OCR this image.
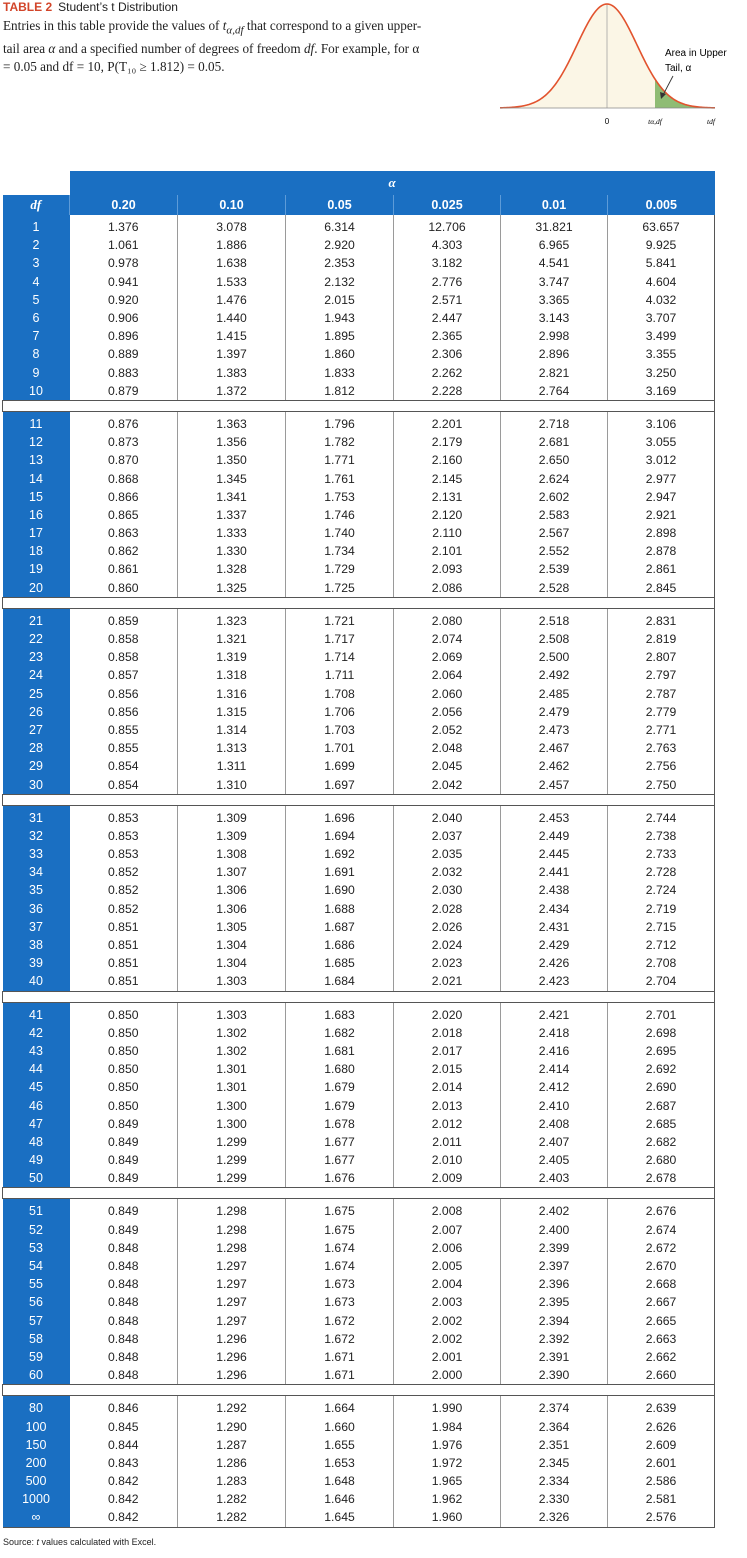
TABLE 2 Student’s t Distribution
Entries in this table provide the values of $t_{\alpha,df}$ that correspond to a given upper-tail area α and a specified number of degrees of freedom df. For example, for α = 0.05 and df = 10, P(T₁₀ ≥ 1.812) = 0.05.
0	tα,df	tdf
Area in Upper
Tail, α
	α					
df	0.20	0.10	0.05	0.025	0.01	0.005
1	1.376	3.078	6.314	12.706	31.821	63.657
2	1.061	1.886	2.920	4.303	6.965	9.925
3	0.978	1.638	2.353	3.182	4.541	5.841
4	0.941	1.533	2.132	2.776	3.747	4.604
5	0.920	1.476	2.015	2.571	3.365	4.032
6	0.906	1.440	1.943	2.447	3.143	3.707
7	0.896	1.415	1.895	2.365	2.998	3.499
8	0.889	1.397	1.860	2.306	2.896	3.355
9	0.883	1.383	1.833	2.262	2.821	3.250
10	0.879	1.372	1.812	2.228	2.764	3.169

11	0.876	1.363	1.796	2.201	2.718	3.106
12	0.873	1.356	1.782	2.179	2.681	3.055
13	0.870	1.350	1.771	2.160	2.650	3.012
14	0.868	1.345	1.761	2.145	2.624	2.977
15	0.866	1.341	1.753	2.131	2.602	2.947
16	0.865	1.337	1.746	2.120	2.583	2.921
17	0.863	1.333	1.740	2.110	2.567	2.898
18	0.862	1.330	1.734	2.101	2.552	2.878
19	0.861	1.328	1.729	2.093	2.539	2.861
20	0.860	1.325	1.725	2.086	2.528	2.845

21	0.859	1.323	1.721	2.080	2.518	2.831
22	0.858	1.321	1.717	2.074	2.508	2.819
23	0.858	1.319	1.714	2.069	2.500	2.807
24	0.857	1.318	1.711	2.064	2.492	2.797
25	0.856	1.316	1.708	2.060	2.485	2.787
26	0.856	1.315	1.706	2.056	2.479	2.779
27	0.855	1.314	1.703	2.052	2.473	2.771
28	0.855	1.313	1.701	2.048	2.467	2.763
29	0.854	1.311	1.699	2.045	2.462	2.756
30	0.854	1.310	1.697	2.042	2.457	2.750

31	0.853	1.309	1.696	2.040	2.453	2.744
32	0.853	1.309	1.694	2.037	2.449	2.738
33	0.853	1.308	1.692	2.035	2.445	2.733
34	0.852	1.307	1.691	2.032	2.441	2.728
35	0.852	1.306	1.690	2.030	2.438	2.724
36	0.852	1.306	1.688	2.028	2.434	2.719
37	0.851	1.305	1.687	2.026	2.431	2.715
38	0.851	1.304	1.686	2.024	2.429	2.712
39	0.851	1.304	1.685	2.023	2.426	2.708
40	0.851	1.303	1.684	2.021	2.423	2.704

41	0.850	1.303	1.683	2.020	2.421	2.701
42	0.850	1.302	1.682	2.018	2.418	2.698
43	0.850	1.302	1.681	2.017	2.416	2.695
44	0.850	1.301	1.680	2.015	2.414	2.692
45	0.850	1.301	1.679	2.014	2.412	2.690
46	0.850	1.300	1.679	2.013	2.410	2.687
47	0.849	1.300	1.678	2.012	2.408	2.685
48	0.849	1.299	1.677	2.011	2.407	2.682
49	0.849	1.299	1.677	2.010	2.405	2.680
50	0.849	1.299	1.676	2.009	2.403	2.678

51	0.849	1.298	1.675	2.008	2.402	2.676
52	0.849	1.298	1.675	2.007	2.400	2.674
53	0.848	1.298	1.674	2.006	2.399	2.672
54	0.848	1.297	1.674	2.005	2.397	2.670
55	0.848	1.297	1.673	2.004	2.396	2.668
56	0.848	1.297	1.673	2.003	2.395	2.667
57	0.848	1.297	1.672	2.002	2.394	2.665
58	0.848	1.296	1.672	2.002	2.392	2.663
59	0.848	1.296	1.671	2.001	2.391	2.662
60	0.848	1.296	1.671	2.000	2.390	2.660

80	0.846	1.292	1.664	1.990	2.374	2.639
100	0.845	1.290	1.660	1.984	2.364	2.626
150	0.844	1.287	1.655	1.976	2.351	2.609
200	0.843	1.286	1.653	1.972	2.345	2.601
500	0.842	1.283	1.648	1.965	2.334	2.586
1000	0.842	1.282	1.646	1.962	2.330	2.581
∞	0.842	1.282	1.645	1.960	2.326	2.576
Source: t values calculated with Excel.
